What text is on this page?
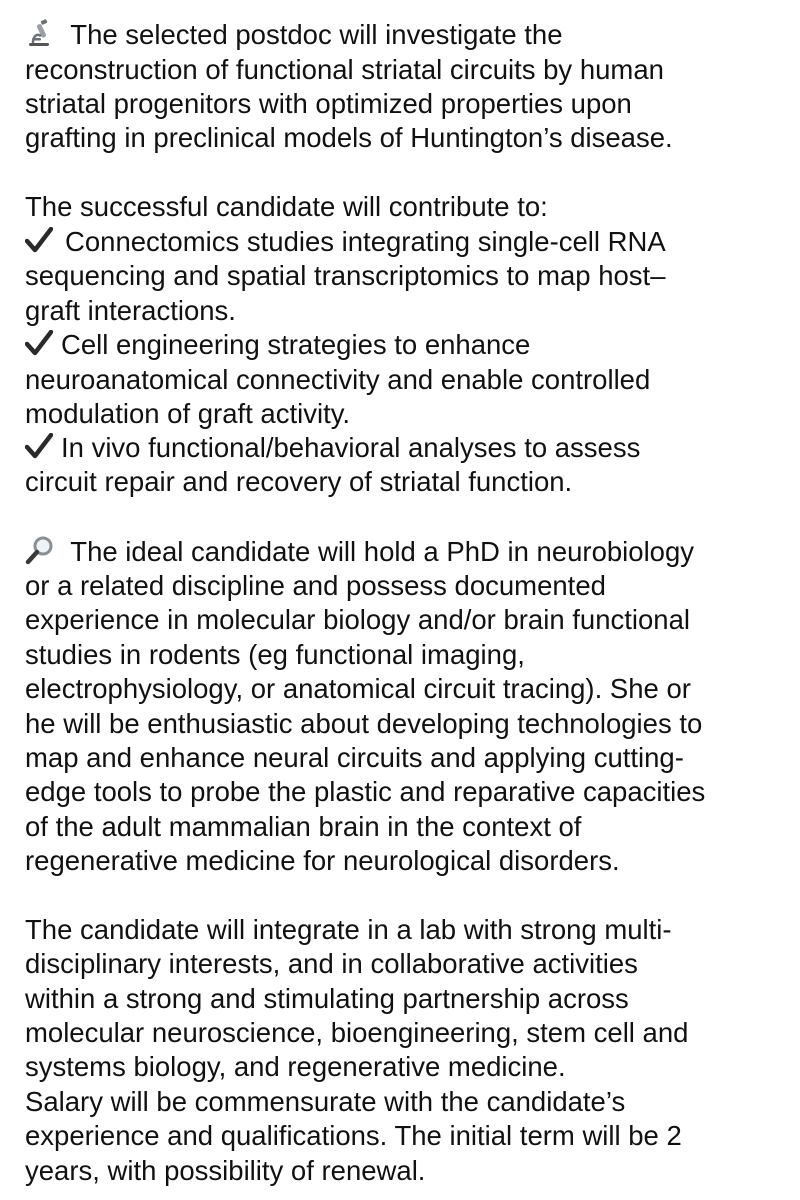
The selected postdoc will investigate the
reconstruction of functional striatal circuits by human
striatal progenitors with optimized properties upon
grafting in preclinical models of Huntington’s disease.
The successful candidate will contribute to:
Connectomics studies integrating single-cell RNA
sequencing and spatial transcriptomics to map host–
graft interactions.
Cell engineering strategies to enhance
neuroanatomical connectivity and enable controlled
modulation of graft activity.
In vivo functional/behavioral analyses to assess
circuit repair and recovery of striatal function.
The ideal candidate will hold a PhD in neurobiology
or a related discipline and possess documented
experience in molecular biology and/or brain functional
studies in rodents (eg functional imaging,
electrophysiology, or anatomical circuit tracing). She or
he will be enthusiastic about developing technologies to
map and enhance neural circuits and applying cutting-
edge tools to probe the plastic and reparative capacities
of the adult mammalian brain in the context of
regenerative medicine for neurological disorders.
The candidate will integrate in a lab with strong multi-
disciplinary interests, and in collaborative activities
within a strong and stimulating partnership across
molecular neuroscience, bioengineering, stem cell and
systems biology, and regenerative medicine.
Salary will be commensurate with the candidate’s
experience and qualifications. The initial term will be 2
years, with possibility of renewal.
